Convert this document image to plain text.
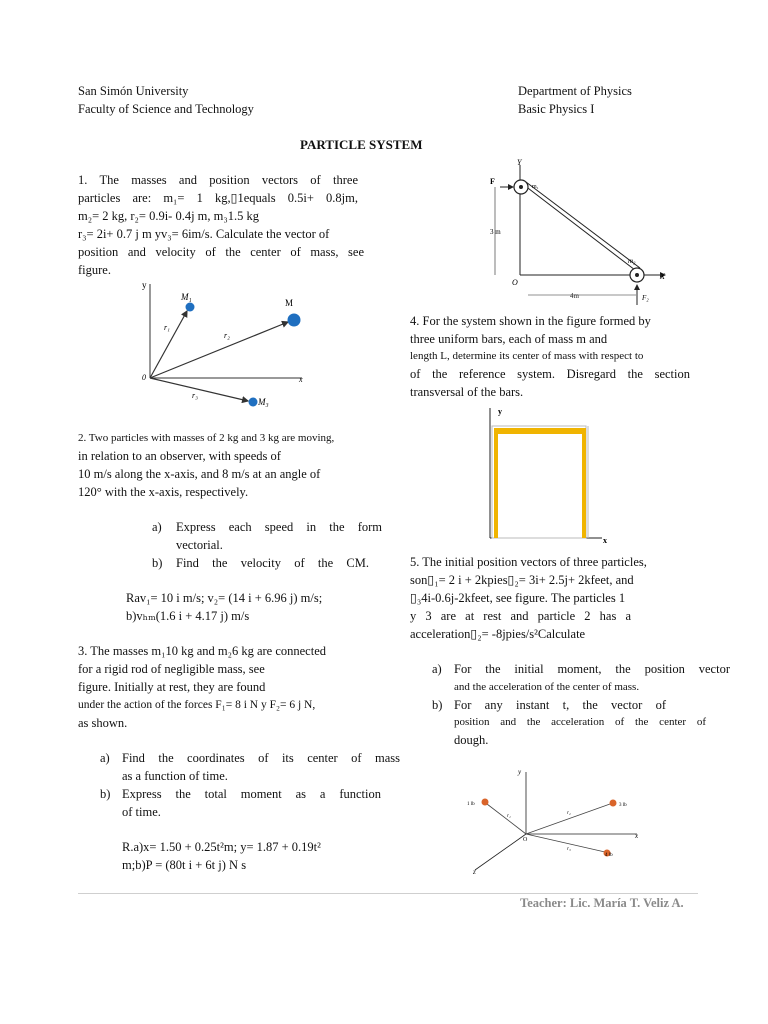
San Simón University
Faculty of Science and Technology
Department of Physics
Basic Physics I
PARTICLE SYSTEM
1. The masses and position vectors of three
particles are: m₁= 1 kg,▯1equals 0.5i+ 0.8jm,
m₂= 2 kg, r₂= 0.9i- 0.4j m, m₃1.5 kg
r₃= 2i+ 0.7 j m yv₃= 6im/s. Calculate the vector of
position and velocity of the center of mass, see
figure.
y
x
0
M₁
M
M₃
r₁
r₂
r₃
2. Two particles with masses of 2 kg and 3 kg are moving,
in relation to an observer, with speeds of
10 m/s along the x-axis, and 8 m/s at an angle of
120° with the x-axis, respectively.
a) Express each speed in the form
vectorial.
b) Find the velocity of the CM.
Rav₁= 10 i m/s; v₂= (14 i + 6.96 j) m/s;
b)vₕₘ(1.6 i + 4.17 j) m/s
3. The masses m₁10 kg and m₂6 kg are connected
for a rigid rod of negligible mass, see
figure. Initially at rest, they are found
under the action of the forces F₁= 8 i N y F₂= 6 j N,
as shown.
a) Find the coordinates of its center of mass
as a function of time.
b) Express the total moment as a function
of time.
R.a)x= 1.50 + 0.25t²m; y= 1.87 + 0.19t²
m;b)P = (80t i + 6t j) N s
Y
X
O
F
m₁
m₂
3 m
4m	F₂
4. For the system shown in the figure formed by
three uniform bars, each of mass m and
length L, determine its center of mass with respect to
of the reference system. Disregard the section
transversal of the bars.
y
x
5. The initial position vectors of three particles,
son▯₁= 2 i + 2kpies▯₂= 3i+ 2.5j+ 2kfeet, and
▯₃4i-0.6j-2kfeet, see figure. The particles 1
y 3 are at rest and particle 2 has a
acceleration▯₂= -8jpies/s²Calculate
a) For the initial moment, the position vector
and the acceleration of the center of mass.
b) For any instant t, the vector of
position and the acceleration of the center of
dough.
y
x
z
O
1 lb	3 lb
4 lb
r₁
r₂
r₃
Teacher: Lic. María T. Veliz A.
